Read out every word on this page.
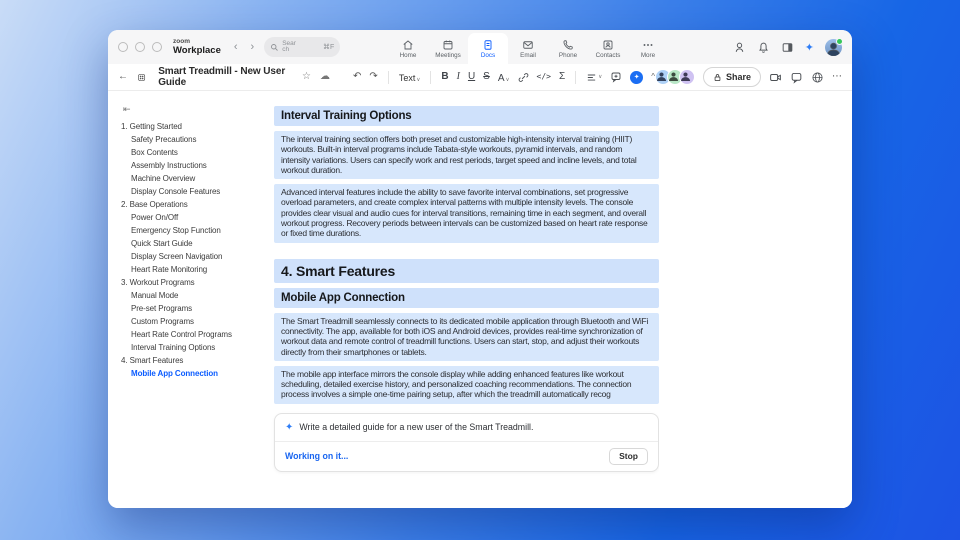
zoom
Workplace ‹ ›	Search	⌘F
Home	Meetings	Docs	Email	Phone	Contacts	More
✦
←	Smart Treadmill - New User Guide
☆ ☁ ↶ ↷ Text∨ B I U S A∨	</> Σ	∨	✦ ^	Share	⋯
⇤
1. Getting Started
Safety Precautions
Box Contents
Assembly Instructions
Machine Overview
Display Console Features
2. Base Operations
Power On/Off
Emergency Stop Function
Quick Start Guide
Display Screen Navigation
Heart Rate Monitoring
3. Workout Programs
Manual Mode
Pre-set Programs
Custom Programs
Heart Rate Control Programs
Interval Training Options
4. Smart Features
Mobile App Connection
Interval Training Options
The interval training section offers both preset and customizable high-intensity interval training (HIIT) workouts. Built-in interval programs include Tabata-style workouts, pyramid intervals, and random intensity variations. Users can specify work and rest periods, target speed and incline levels, and total workout duration.
Advanced interval features include the ability to save favorite interval combinations, set progressive overload parameters, and create complex interval patterns with multiple intensity levels. The console provides clear visual and audio cues for interval transitions, remaining time in each segment, and overall workout progress. Recovery periods between intervals can be customized based on heart rate response or fixed time durations.
4. Smart Features
Mobile App Connection
The Smart Treadmill seamlessly connects to its dedicated mobile application through Bluetooth and WiFi connectivity. The app, available for both iOS and Android devices, provides real-time synchronization of workout data and remote control of treadmill functions. Users can start, stop, and adjust their workouts directly from their smartphones or tablets.
The mobile app interface mirrors the console display while adding enhanced features like workout scheduling, detailed exercise history, and personalized coaching recommendations. The connection process involves a simple one-time pairing setup, after which the treadmill automatically recog
✦ Write a detailed guide for a new user of the Smart Treadmill.
Working on it...	Stop
